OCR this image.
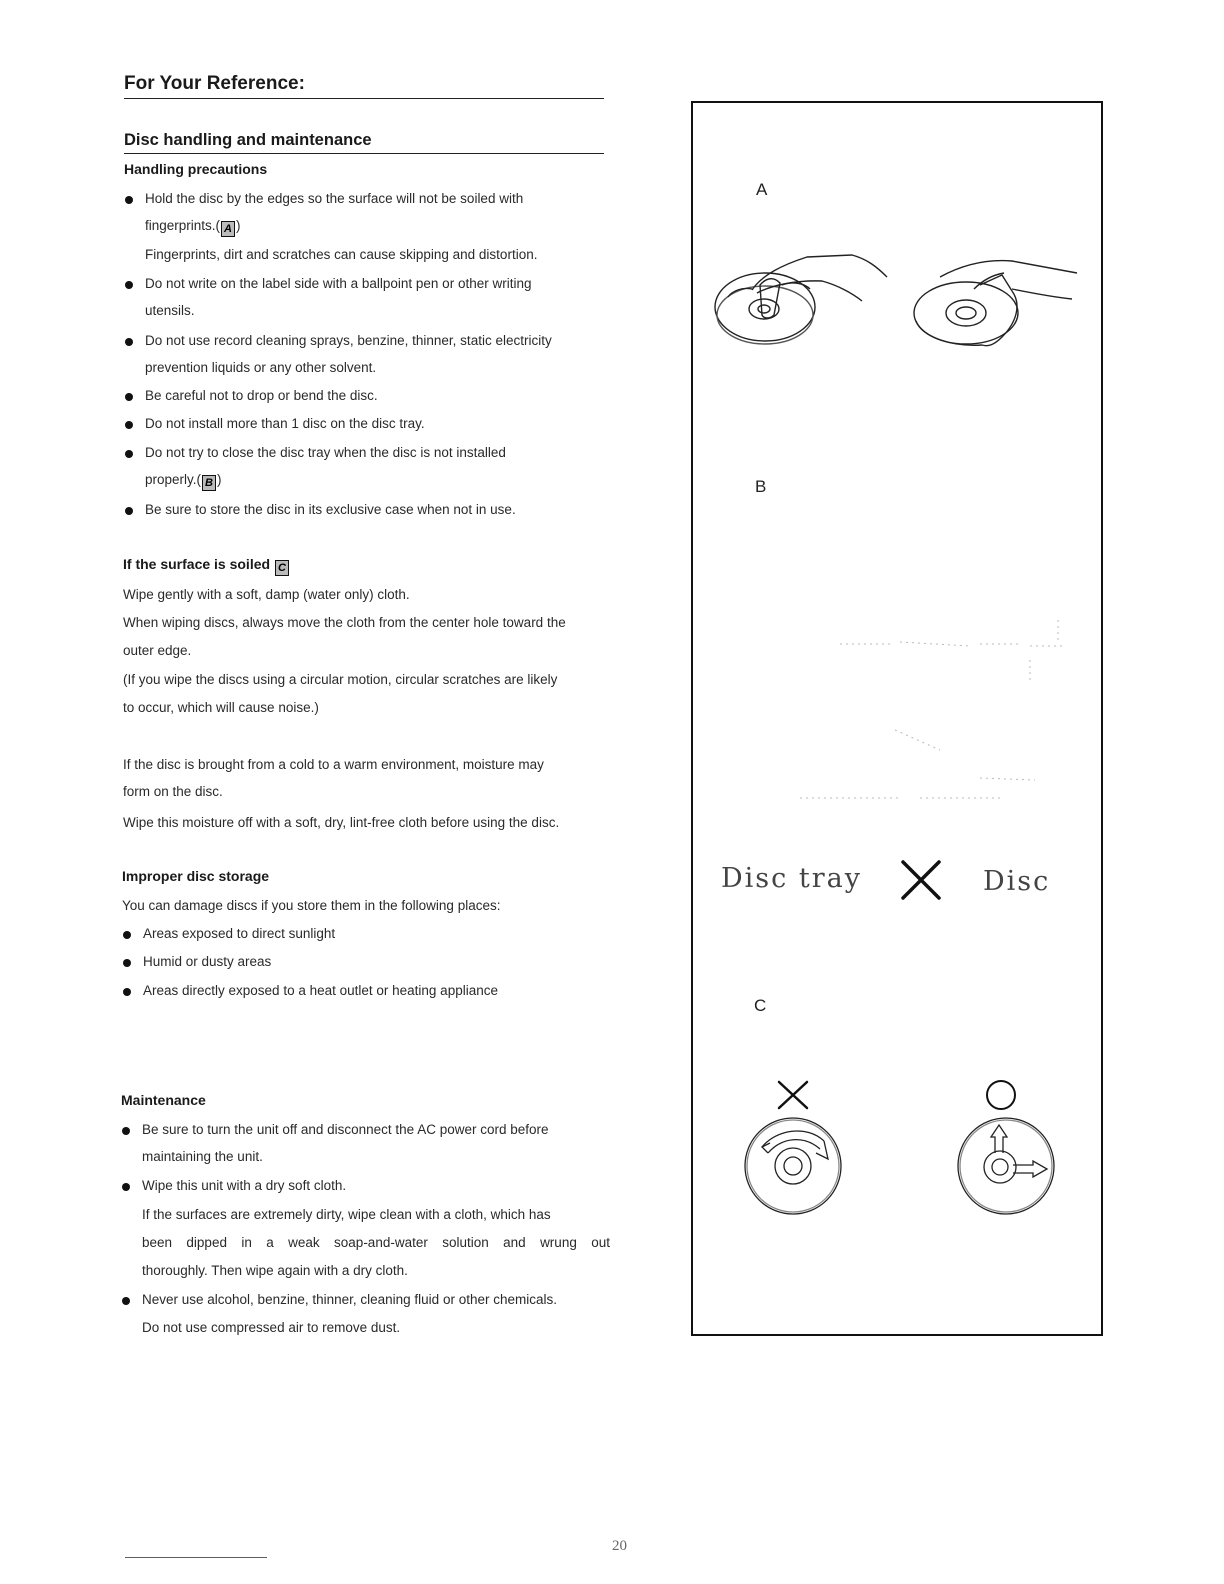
For Your Reference:
Disc handling and maintenance
Handling precautions
Hold the disc by the edges so the surface will not be soiled with
fingerprints.( A )
Fingerprints, dirt and scratches can cause skipping and distortion.
Do not write on the label side with a ballpoint pen or other writing
utensils.
Do not use record cleaning sprays, benzine, thinner, static electricity
prevention liquids or any other solvent.
Be careful not to drop or bend the disc.
Do not install more than 1 disc on the disc tray.
Do not try to close the disc tray when the disc is not installed
properly.( B )
Be sure to store the disc in its exclusive case when not in use.
If the surface is soiled C
Wipe gently with a soft, damp (water only) cloth.
When wiping discs, always move the cloth from the center hole toward the
outer edge.
(If you wipe the discs using a circular motion, circular scratches are likely
to occur, which will cause noise.)
If the disc is brought from a cold to a warm environment, moisture may
form on the disc.
Wipe this moisture off with a soft, dry, lint-free cloth before using the disc.
Improper disc storage
You can damage discs if you store them in the following places:
Areas exposed to direct sunlight
Humid or dusty areas
Areas directly exposed to a heat outlet or heating appliance
Maintenance
Be sure to turn the unit off and disconnect the AC power cord before
maintaining the unit.
Wipe this unit with a dry soft cloth.
If the surfaces are extremely dirty, wipe clean with a cloth, which has
been dipped in a weak soap-and-water solution and wrung out
thoroughly. Then wipe again with a dry cloth.
Never use alcohol, benzine, thinner, cleaning fluid or other chemicals.
Do not use compressed air to remove dust.
A
B
Disc tray	Disc
C
20
